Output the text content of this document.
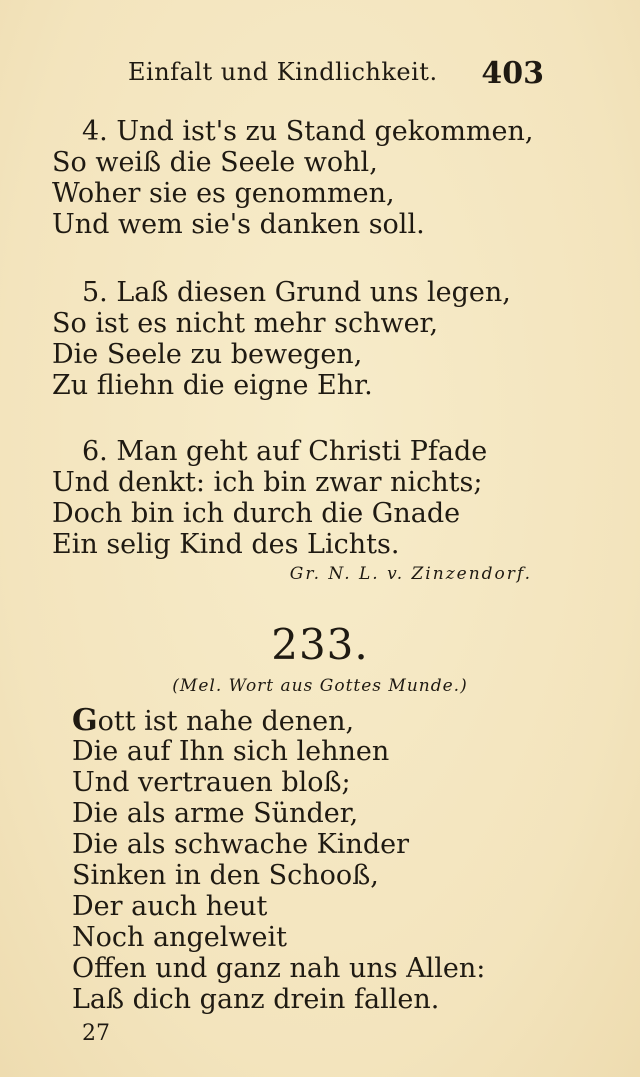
Einfalt und Kindlichkeit. 403
4. Und ist's zu Stand gekommen,
So weiß die Seele wohl,
Woher sie es genommen,
Und wem sie's danken soll.
5. Laß diesen Grund uns legen,
So ist es nicht mehr schwer,
Die Seele zu bewegen,
Zu fliehn die eigne Ehr.
6. Man geht auf Christi Pfade
Und denkt: ich bin zwar nichts;
Doch bin ich durch die Gnade
Ein selig Kind des Lichts.
Gr. N. L. v. Zinzendorf.
233.
(Mel. Wort aus Gottes Munde.)
Gott ist nahe denen,
Die auf Ihn sich lehnen
Und vertrauen bloß;
Die als arme Sünder,
Die als schwache Kinder
Sinken in den Schooß,
Der auch heut
Noch angelweit
Offen und ganz nah uns Allen:
Laß dich ganz drein fallen.
27
